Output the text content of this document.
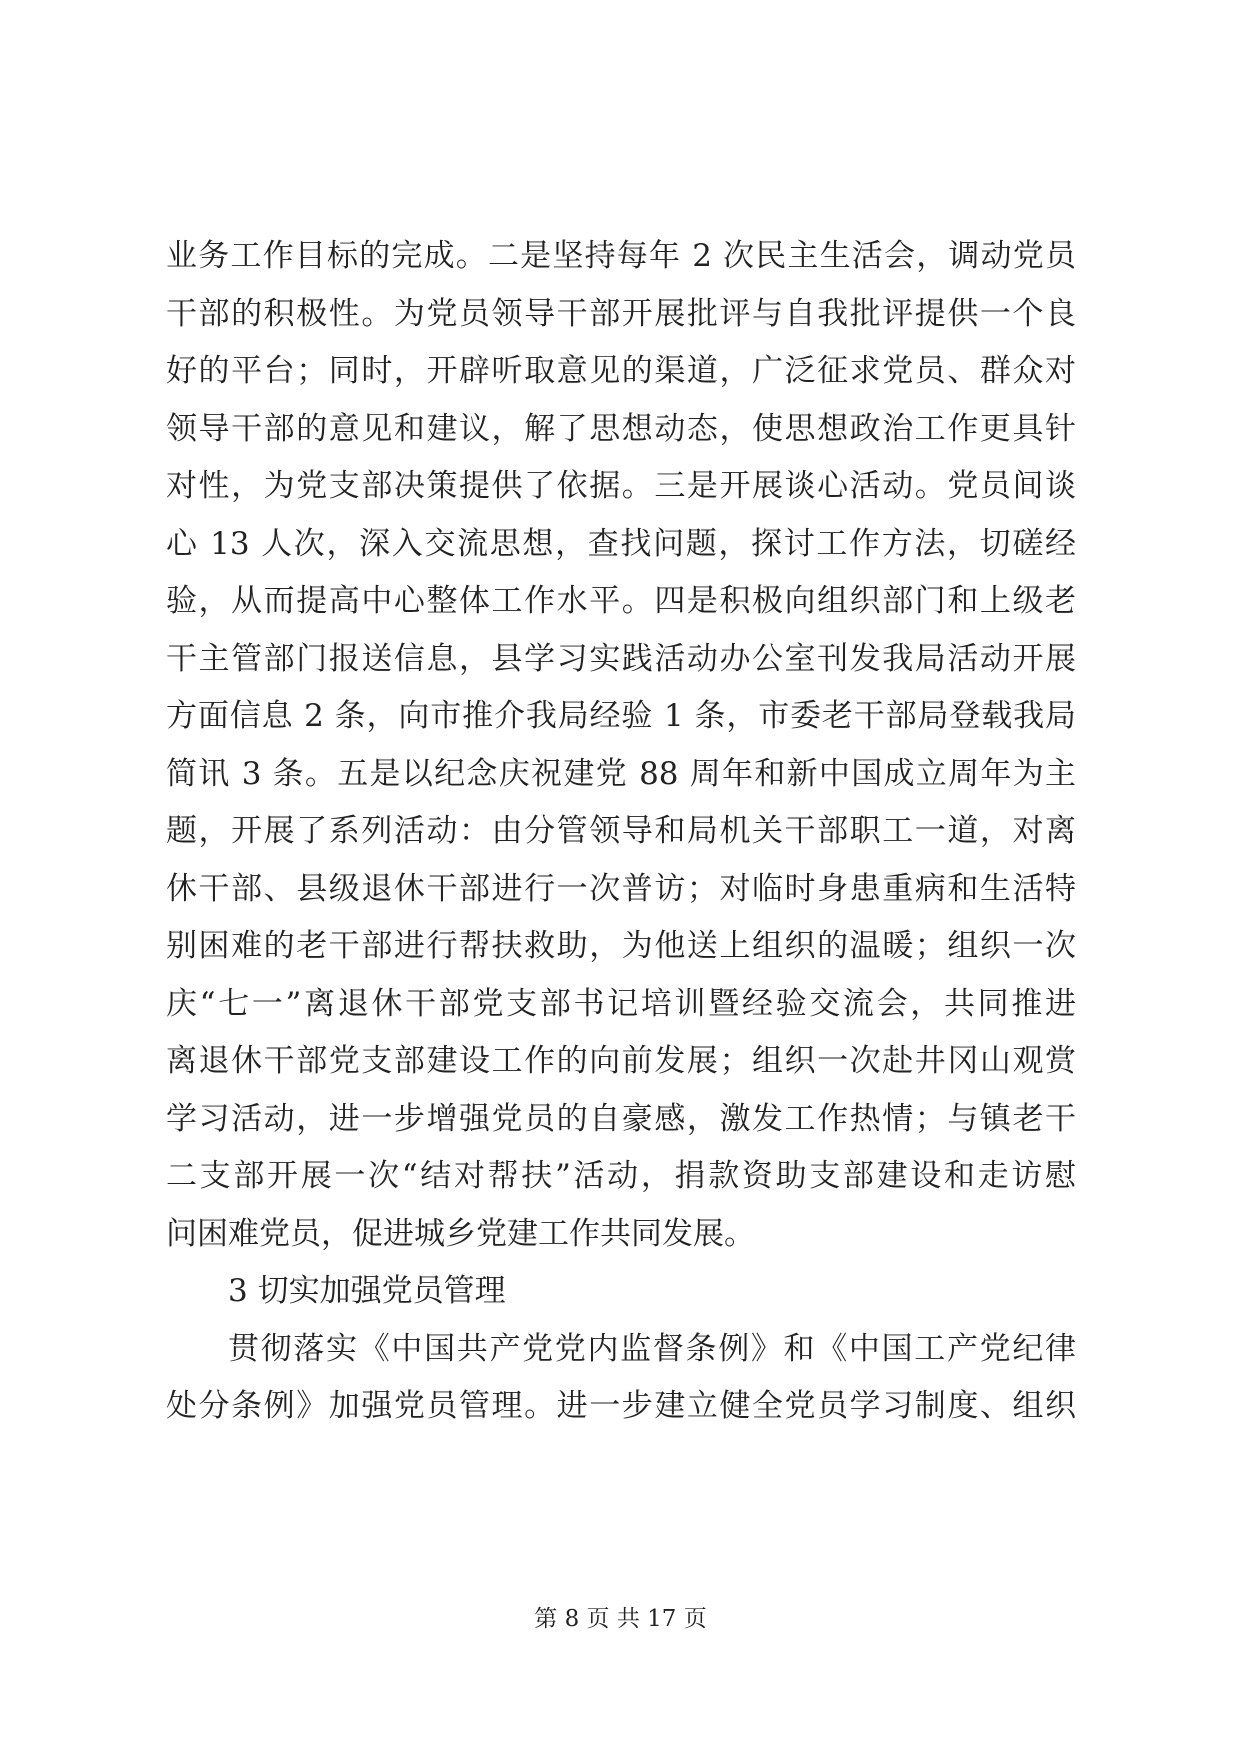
业务工作目标的完成。二是坚持每年 2 次民主生活会，调动党员
干部的积极性。为党员领导干部开展批评与自我批评提供一个良
好的平台；同时，开辟听取意见的渠道，广泛征求党员、群众对
领导干部的意见和建议，解了思想动态，使思想政治工作更具针
对性，为党支部决策提供了依据。三是开展谈心活动。党员间谈
心 13 人次，深入交流思想，查找问题，探讨工作方法，切磋经
验，从而提高中心整体工作水平。四是积极向组织部门和上级老
干主管部门报送信息，县学习实践活动办公室刊发我局活动开展
方面信息 2 条，向市推介我局经验 1 条，市委老干部局登载我局
简讯 3 条。五是以纪念庆祝建党 88 周年和新中国成立周年为主
题，开展了系列活动：由分管领导和局机关干部职工一道，对离
休干部、县级退休干部进行一次普访；对临时身患重病和生活特
别困难的老干部进行帮扶救助，为他送上组织的温暖；组织一次
庆“七一”离退休干部党支部书记培训暨经验交流会，共同推进
离退休干部党支部建设工作的向前发展；组织一次赴井冈山观赏
学习活动，进一步增强党员的自豪感，激发工作热情；与镇老干
二支部开展一次“结对帮扶”活动，捐款资助支部建设和走访慰
问困难党员，促进城乡党建工作共同发展。
3 切实加强党员管理
贯彻落实《中国共产党党内监督条例》和《中国工产党纪律
处分条例》加强党员管理。进一步建立健全党员学习制度、组织
第 8 页 共 17 页
